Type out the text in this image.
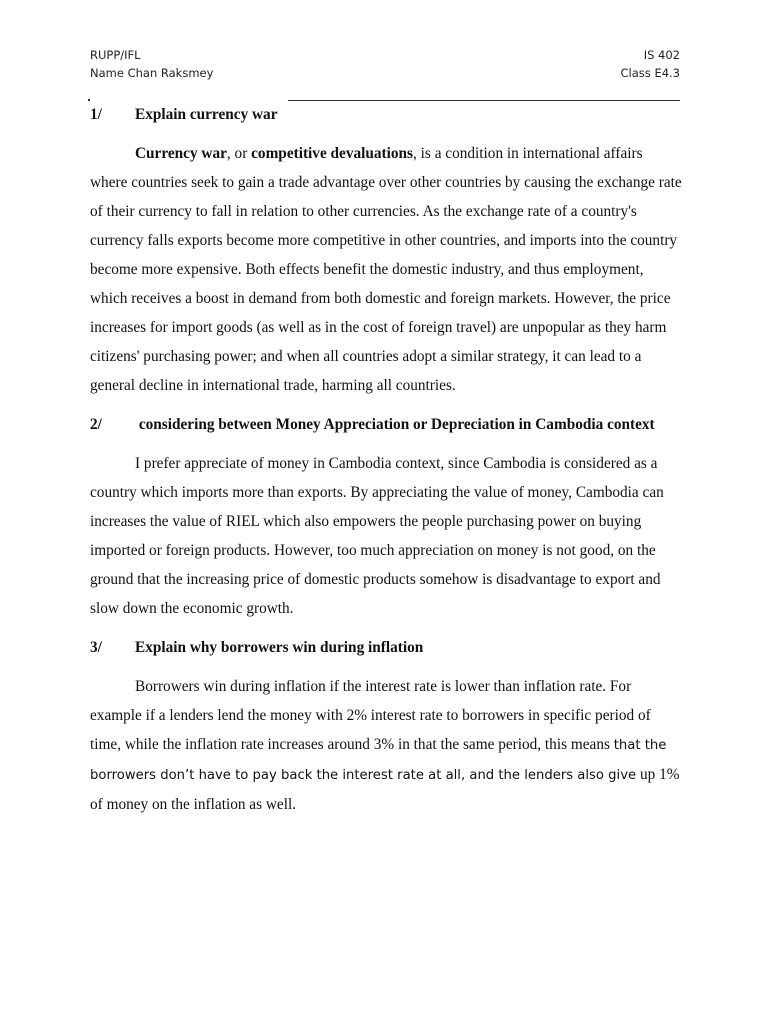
RUPP/IFL	IS 402
Name Chan Raksmey	Class E4.3
1/	Explain currency war

Currency war, or competitive devaluations, is a condition in international affairs where countries seek to gain a trade advantage over other countries by causing the exchange rate of their currency to fall in relation to other currencies. As the exchange rate of a country's currency falls exports become more competitive in other countries, and imports into the country become more expensive. Both effects benefit the domestic industry, and thus employment, which receives a boost in demand from both domestic and foreign markets. However, the price increases for import goods (as well as in the cost of foreign travel) are unpopular as they harm citizens' purchasing power; and when all countries adopt a similar strategy, it can lead to a general decline in international trade, harming all countries.

2/ considering between Money Appreciation or Depreciation in Cambodia context

I prefer appreciate of money in Cambodia context, since Cambodia is considered as a country which imports more than exports. By appreciating the value of money, Cambodia can increases the value of RIEL which also empowers the people purchasing power on buying imported or foreign products. However, too much appreciation on money is not good, on the ground that the increasing price of domestic products somehow is disadvantage to export and slow down the economic growth.

3/	Explain why borrowers win during inflation

Borrowers win during inflation if the interest rate is lower than inflation rate. For example if a lenders lend the money with 2% interest rate to borrowers in specific period of time, while the inflation rate increases around 3% in that the same period, this means that the borrowers don’t have to pay back the interest rate at all, and the lenders also give up 1% of money on the inflation as well.
